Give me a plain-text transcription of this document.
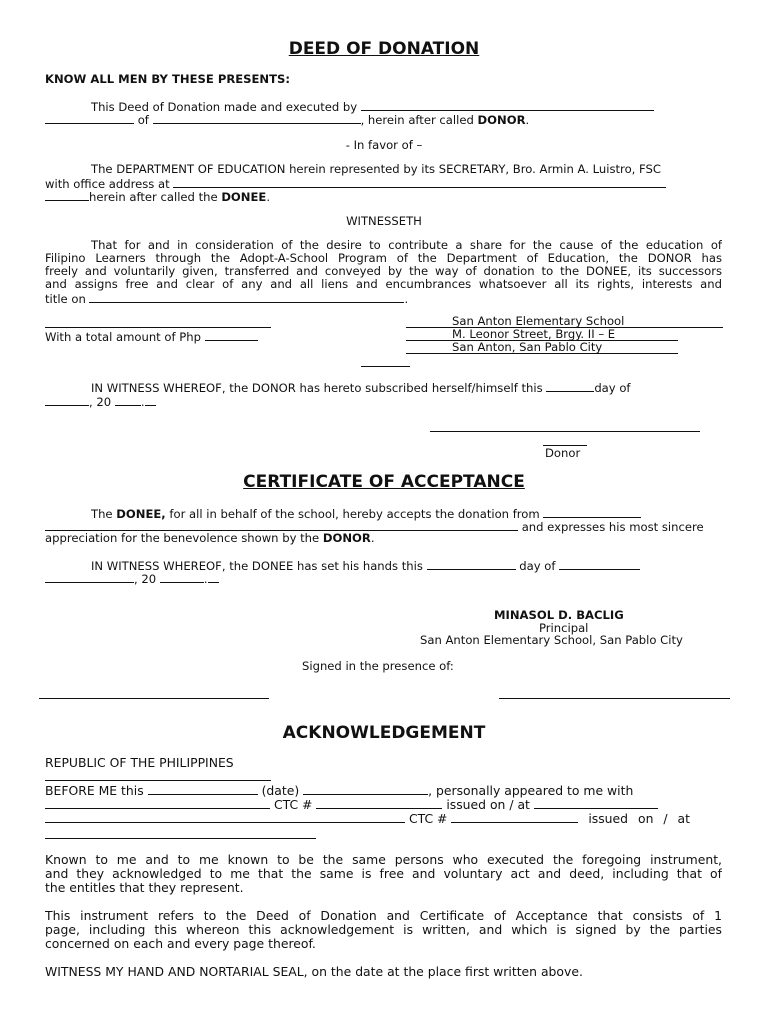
DEED OF DONATION
KNOW ALL MEN BY THESE PRESENTS:
This Deed of Donation made and executed by
of	, herein after called DONOR.
- In favor of –
The DEPARTMENT OF EDUCATION herein represented by its SECRETARY, Bro. Armin A. Luistro, FSC
with office address at
herein after called the DONEE.
WITNESSETH
That for and in consideration of the desire to contribute a share for the cause of the education of
Filipino Learners through the Adopt-A-School Program of the Department of Education, the DONOR has
freely and voluntarily given, transferred and conveyed by the way of donation to the DONEE, its successors
and assigns free and clear of any and all liens and encumbrances whatsoever all its rights, interests and
title on	.
With a total amount of Php
San Anton Elementary School
M. Leonor Street, Brgy. II – E
San Anton, San Pablo City
IN WITNESS WHEREOF, the DONOR has hereto subscribed herself/himself this	day of
, 20	.
Donor
CERTIFICATE OF ACCEPTANCE
The DONEE, for all in behalf of the school, hereby accepts the donation from
and expresses his most sincere
appreciation for the benevolence shown by the DONOR.
IN WITNESS WHEREOF, the DONEE has set his hands this	day of
, 20	.
MINASOL D. BACLIG
Principal
San Anton Elementary School, San Pablo City
Signed in the presence of:
ACKNOWLEDGEMENT
REPUBLIC OF THE PHILIPPINES
BEFORE ME this	(date)	, personally appeared to me with
CTC #	issued on / at
CTC #	issued on / at
Known to me and to me known to be the same persons who executed the foregoing instrument,
and they acknowledged to me that the same is free and voluntary act and deed, including that of
the entitles that they represent.
This instrument refers to the Deed of Donation and Certificate of Acceptance that consists of 1
page, including this whereon this acknowledgement is written, and which is signed by the parties
concerned on each and every page thereof.
WITNESS MY HAND AND NORTARIAL SEAL, on the date at the place first written above.
